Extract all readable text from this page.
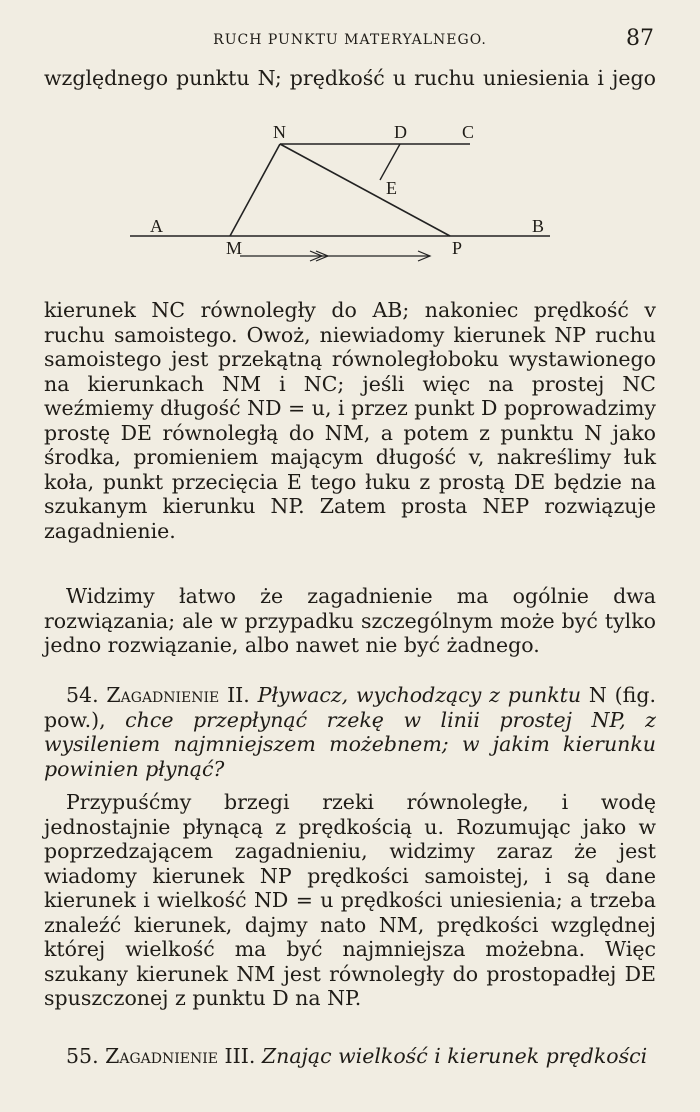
RUCH PUNKTU MATERYALNEGO.	87
względnego punktu N; prędkość u ruchu uniesienia i jego
N	D	C
E
A
M	P
B

kierunek NC równoległy do AB; nakoniec prędkość v ruchu samoistego. Owoż, niewiadomy kierunek NP ruchu samoistego jest przekątną równoległoboku wystawionego na kierunkach NM i NC; jeśli więc na prostej NC weźmiemy długość ND = u, i przez punkt D poprowadzimy prostę DE równoległą do NM, a potem z punktu N jako środka, promieniem mającym długość v, nakreślimy łuk koła, punkt przecięcia E tego łuku z prostą DE będzie na szukanym kierunku NP. Zatem prosta NEP rozwiązuje zagadnienie.

Widzimy łatwo że zagadnienie ma ogólnie dwa rozwiązania; ale w przypadku szczególnym może być tylko jedno rozwiązanie, albo nawet nie być żadnego.

54. Zagadnienie II. Pływacz, wychodzący z punktu N (fig. pow.), chce przepłynąć rzekę w linii prostej NP, z wysileniem najmniejszem możebnem; w jakim kierunku powinien płynąć?

Przypuśćmy brzegi rzeki równoległe, i wodę jednostajnie płynącą z prędkością u. Rozumując jako w poprzedzającem zagadnieniu, widzimy zaraz że jest wiadomy kierunek NP prędkości samoistej, i są dane kierunek i wielkość ND = u prędkości uniesienia; a trzeba znaleźć kierunek, dajmy nato NM, prędkości względnej której wielkość ma być najmniejsza możebna. Więc szukany kierunek NM jest równoległy do prostopadłej DE spuszczonej z punktu D na NP.

55. Zagadnienie III. Znając wielkość i kierunek prędkości
